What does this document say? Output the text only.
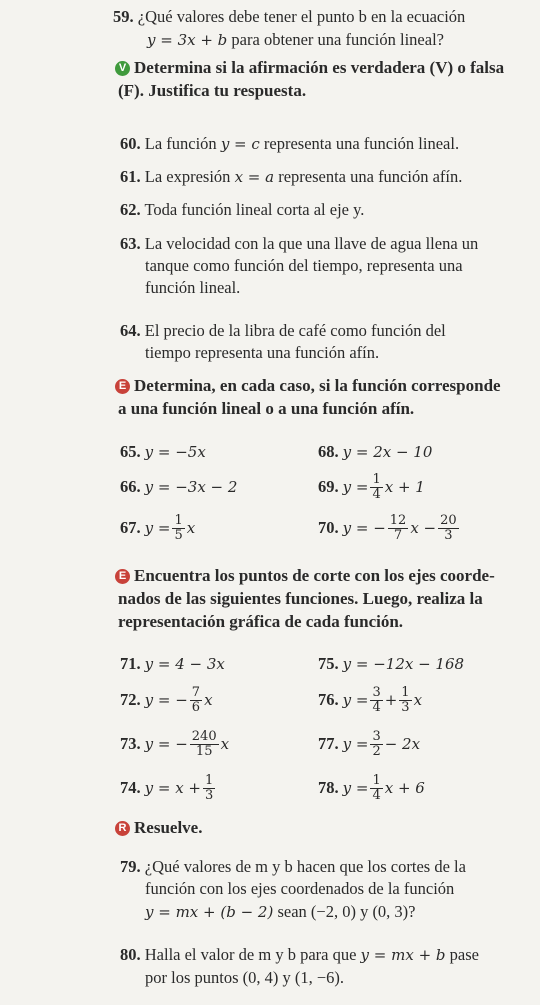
59. ¿Qué valores debe tener el punto b en la ecuación
y = 3x + b para obtener una función lineal?
V Determina si la afirmación es verdadera (V) o falsa
(F). Justifica tu respuesta.
60. La función y = c representa una función lineal.
61. La expresión x = a representa una función afín.
62. Toda función lineal corta al eje y.
63. La velocidad con la que una llave de agua llena un
tanque como función del tiempo, representa una
función lineal.
64. El precio de la libra de café como función del
tiempo representa una función afín.
E Determina, en cada caso, si la función corresponde
a una función lineal o a una función afín.
65. y = −5x	68. y = 2x − 10
66. y = −3x − 2	69. $y = \frac{1}{4}$ x + 1
67. $y = \frac{1}{5}$ x	70. y = − $\frac{12}{7}$ $x - \frac{20}{3}$
E Encuentra los puntos de corte con los ejes coorde-
nados de las siguientes funciones. Luego, realiza la
representación gráfica de cada función.
71. y = 4 − 3x	75. y = −12x − 168
72. y = − $\frac{7}{6}$ x	76. $y = \frac{3}{4} + \frac{1}{3}$ x
73. y = − $\frac{240}{15}$ x	77. $y = \frac{3}{2} - 2x$
74. $y = x + \frac{1}{3}$	78. $y = \frac{1}{4}$ x + 6
R Resuelve.
79. ¿Qué valores de m y b hacen que los cortes de la
función con los ejes coordenados de la función
y = mx + (b − 2) sean (−2, 0) y (0, 3)?
80. Halla el valor de m y b para que y = mx + b pase
por los puntos (0, 4) y (1, −6).
